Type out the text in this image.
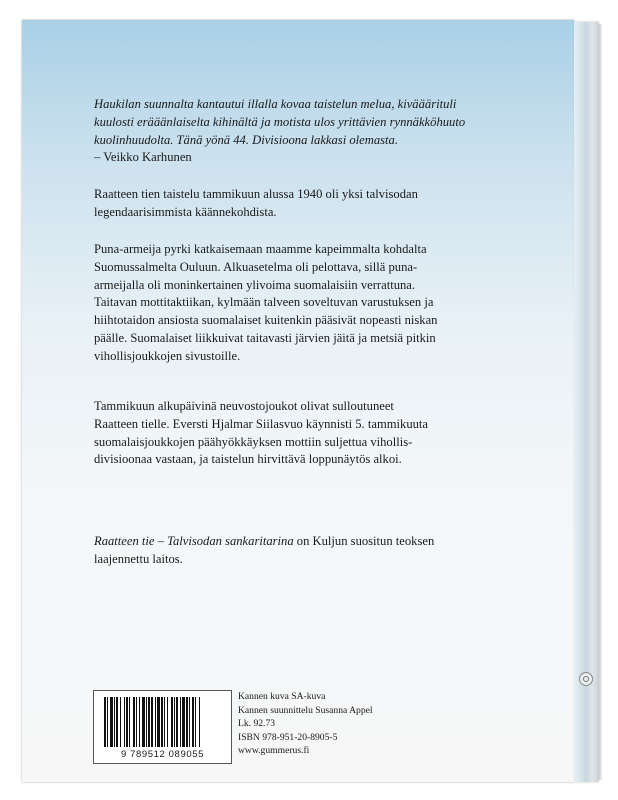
Haukilan suunnalta kantautui illalla kovaa taistelun melua, kivääärituli

kuulosti erääänlaiselta kihinältä ja motista ulos yrittävien rynnäkköhuuto

kuolinhuudolta. Tänä yönä 44. Divisioona lakkasi olemasta.

– Veikko Karhunen

Raatteen tien taistelu tammikuun alussa 1940 oli yksi talvisodan

legendaarisimmista käännekohdista.

Puna-armeija pyrki katkaisemaan maamme kapeimmalta kohdalta

Suomussalmelta Ouluun. Alkuasetelma oli pelottava, sillä puna-

armeijalla oli moninkertainen ylivoima suomalaisiin verrattuna.

Taitavan mottitaktiikan, kylmään talveen soveltuvan varustuksen ja

hiihtotaidon ansiosta suomalaiset kuitenkin pääsivät nopeasti niskan

päälle. Suomalaiset liikkuivat taitavasti järvien jäitä ja metsiä pitkin

vihollisjoukkojen sivustoille.

Tammikuun alkupäivinä neuvostojoukot olivat sulloutuneet

Raatteen tielle. Eversti Hjalmar Siilasvuo käynnisti 5. tammikuuta

suomalaisjoukkojen päähyökkäyksen mottiin suljettua vihollis-

divisioonaa vastaan, ja taistelun hirvittävä loppunäytös alkoi.

Raatteen tie – Talvisodan sankaritarina on Kuljun suositun teoksen

laajennettu laitos.

9 789512 089055
Kannen kuva SA-kuva
Kannen suunnittelu Susanna Appel
Lk. 92.73
ISBN 978-951-20-8905-5
www.gummerus.fi
